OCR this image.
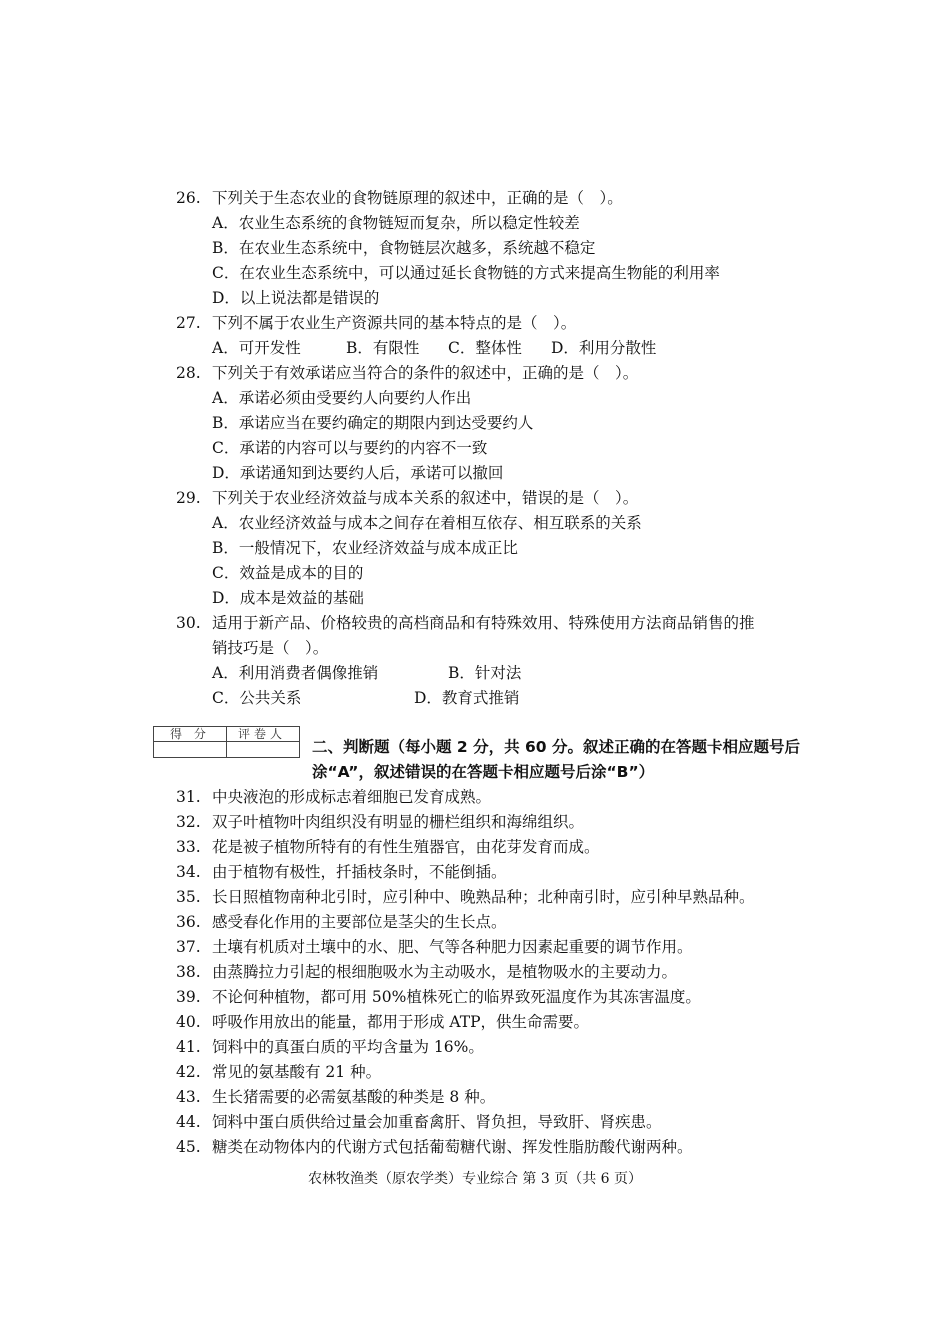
26. 下列关于生态农业的食物链原理的叙述中，正确的是（　）。
A．农业生态系统的食物链短而复杂，所以稳定性较差
B．在农业生态系统中，食物链层次越多，系统越不稳定
C．在农业生态系统中，可以通过延长食物链的方式来提高生物能的利用率
D．以上说法都是错误的
27. 下列不属于农业生产资源共同的基本特点的是（　）。
A．可开发性	B．有限性 C．整体性 D．利用分散性
28. 下列关于有效承诺应当符合的条件的叙述中，正确的是（　）。
A．承诺必须由受要约人向要约人作出
B．承诺应当在要约确定的期限内到达受要约人
C．承诺的内容可以与要约的内容不一致
D．承诺通知到达要约人后，承诺可以撤回
29. 下列关于农业经济效益与成本关系的叙述中，错误的是（　）。
A．农业经济效益与成本之间存在着相互依存、相互联系的关系
B．一般情况下，农业经济效益与成本成正比
C．效益是成本的目的
D．成本是效益的基础
30. 适用于新产品、价格较贵的高档商品和有特殊效用、特殊使用方法商品销售的推
销技巧是（　）。
A．利用消费者偶像推销	B．针对法
C．公共关系	D．教育式推销
得 分 评卷人
二、判断题（每小题 2 分，共 60 分。叙述正确的在答题卡相应题号后
涂“A”，叙述错误的在答题卡相应题号后涂“B”）
31. 中央液泡的形成标志着细胞已发育成熟。
32. 双子叶植物叶肉组织没有明显的栅栏组织和海绵组织。
33. 花是被子植物所特有的有性生殖器官，由花芽发育而成。
34. 由于植物有极性，扦插枝条时，不能倒插。
35. 长日照植物南种北引时，应引种中、晚熟品种；北种南引时，应引种早熟品种。
36. 感受春化作用的主要部位是茎尖的生长点。
37. 土壤有机质对土壤中的水、肥、气等各种肥力因素起重要的调节作用。
38. 由蒸腾拉力引起的根细胞吸水为主动吸水，是植物吸水的主要动力。
39. 不论何种植物，都可用 50%植株死亡的临界致死温度作为其冻害温度。
40. 呼吸作用放出的能量，都用于形成 ATP，供生命需要。
41. 饲料中的真蛋白质的平均含量为 16%。
42. 常见的氨基酸有 21 种。
43. 生长猪需要的必需氨基酸的种类是 8 种。
44. 饲料中蛋白质供给过量会加重畜禽肝、肾负担，导致肝、肾疾患。
45. 糖类在动物体内的代谢方式包括葡萄糖代谢、挥发性脂肪酸代谢两种。
农林牧渔类（原农学类）专业综合 第 3 页（共 6 页）
